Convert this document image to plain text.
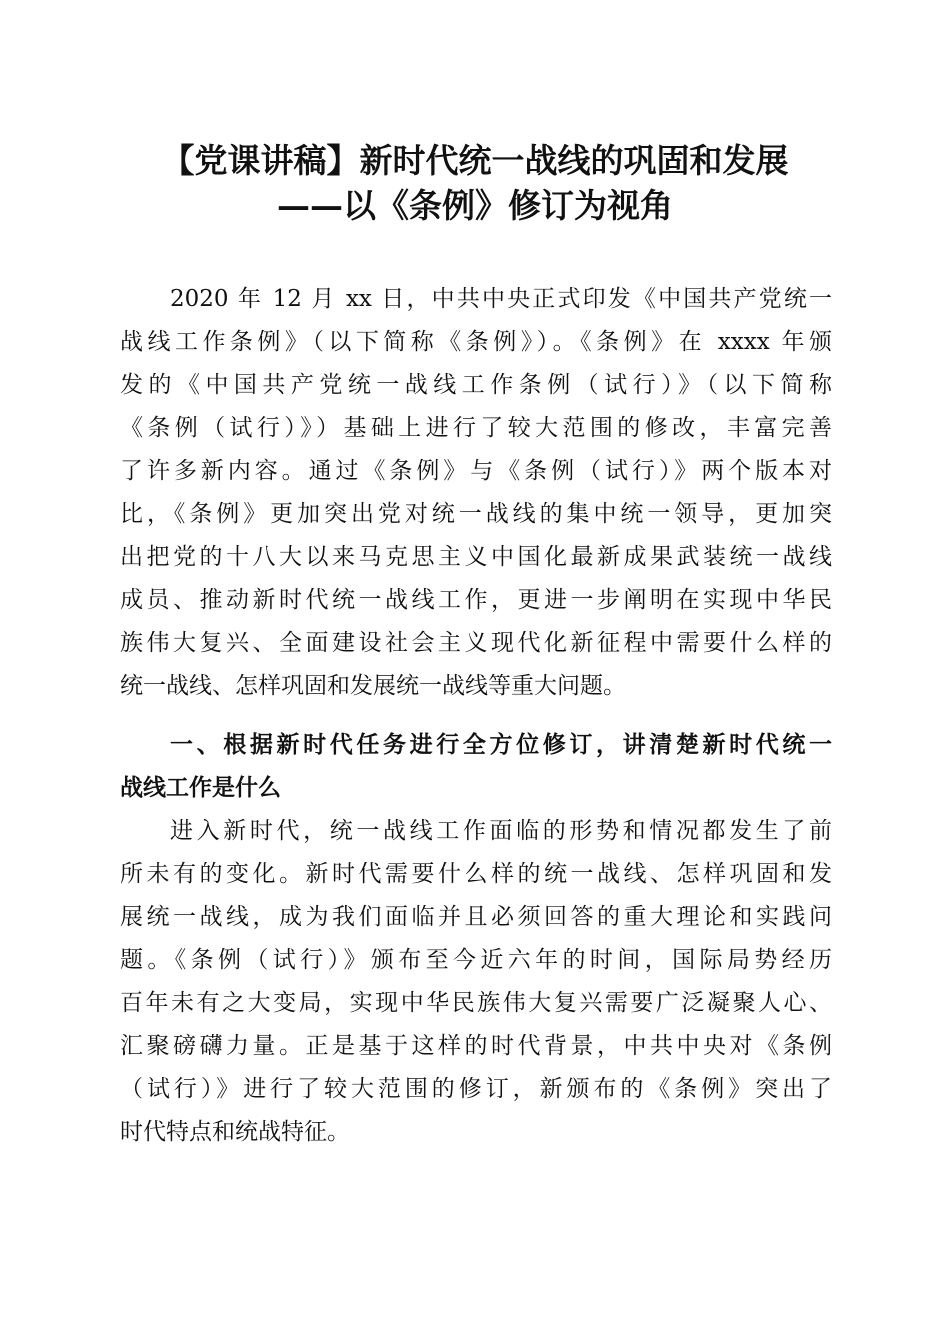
【党课讲稿】新时代统一战线的巩固和发展
——以《条例》修订为视角

2020 年 12 月 xx 日，中共中央正式印发《中国共产党统一

战线工作条例》（以下简称《条例》）。《条例》在 xxxx 年颁

发的《中国共产党统一战线工作条例（试行）》（以下简称

《条例（试行）》）基础上进行了较大范围的修改，丰富完善

了许多新内容。通过《条例》与《条例（试行）》两个版本对

比，《条例》更加突出党对统一战线的集中统一领导，更加突

出把党的十八大以来马克思主义中国化最新成果武装统一战线

成员、推动新时代统一战线工作，更进一步阐明在实现中华民

族伟大复兴、全面建设社会主义现代化新征程中需要什么样的

统一战线、怎样巩固和发展统一战线等重大问题。

一、根据新时代任务进行全方位修订，讲清楚新时代统一

战线工作是什么

进入新时代，统一战线工作面临的形势和情况都发生了前

所未有的变化。新时代需要什么样的统一战线、怎样巩固和发

展统一战线，成为我们面临并且必须回答的重大理论和实践问

题。《条例（试行）》颁布至今近六年的时间，国际局势经历

百年未有之大变局，实现中华民族伟大复兴需要广泛凝聚人心、

汇聚磅礴力量。正是基于这样的时代背景，中共中央对《条例

（试行）》进行了较大范围的修订，新颁布的《条例》突出了

时代特点和统战特征。
